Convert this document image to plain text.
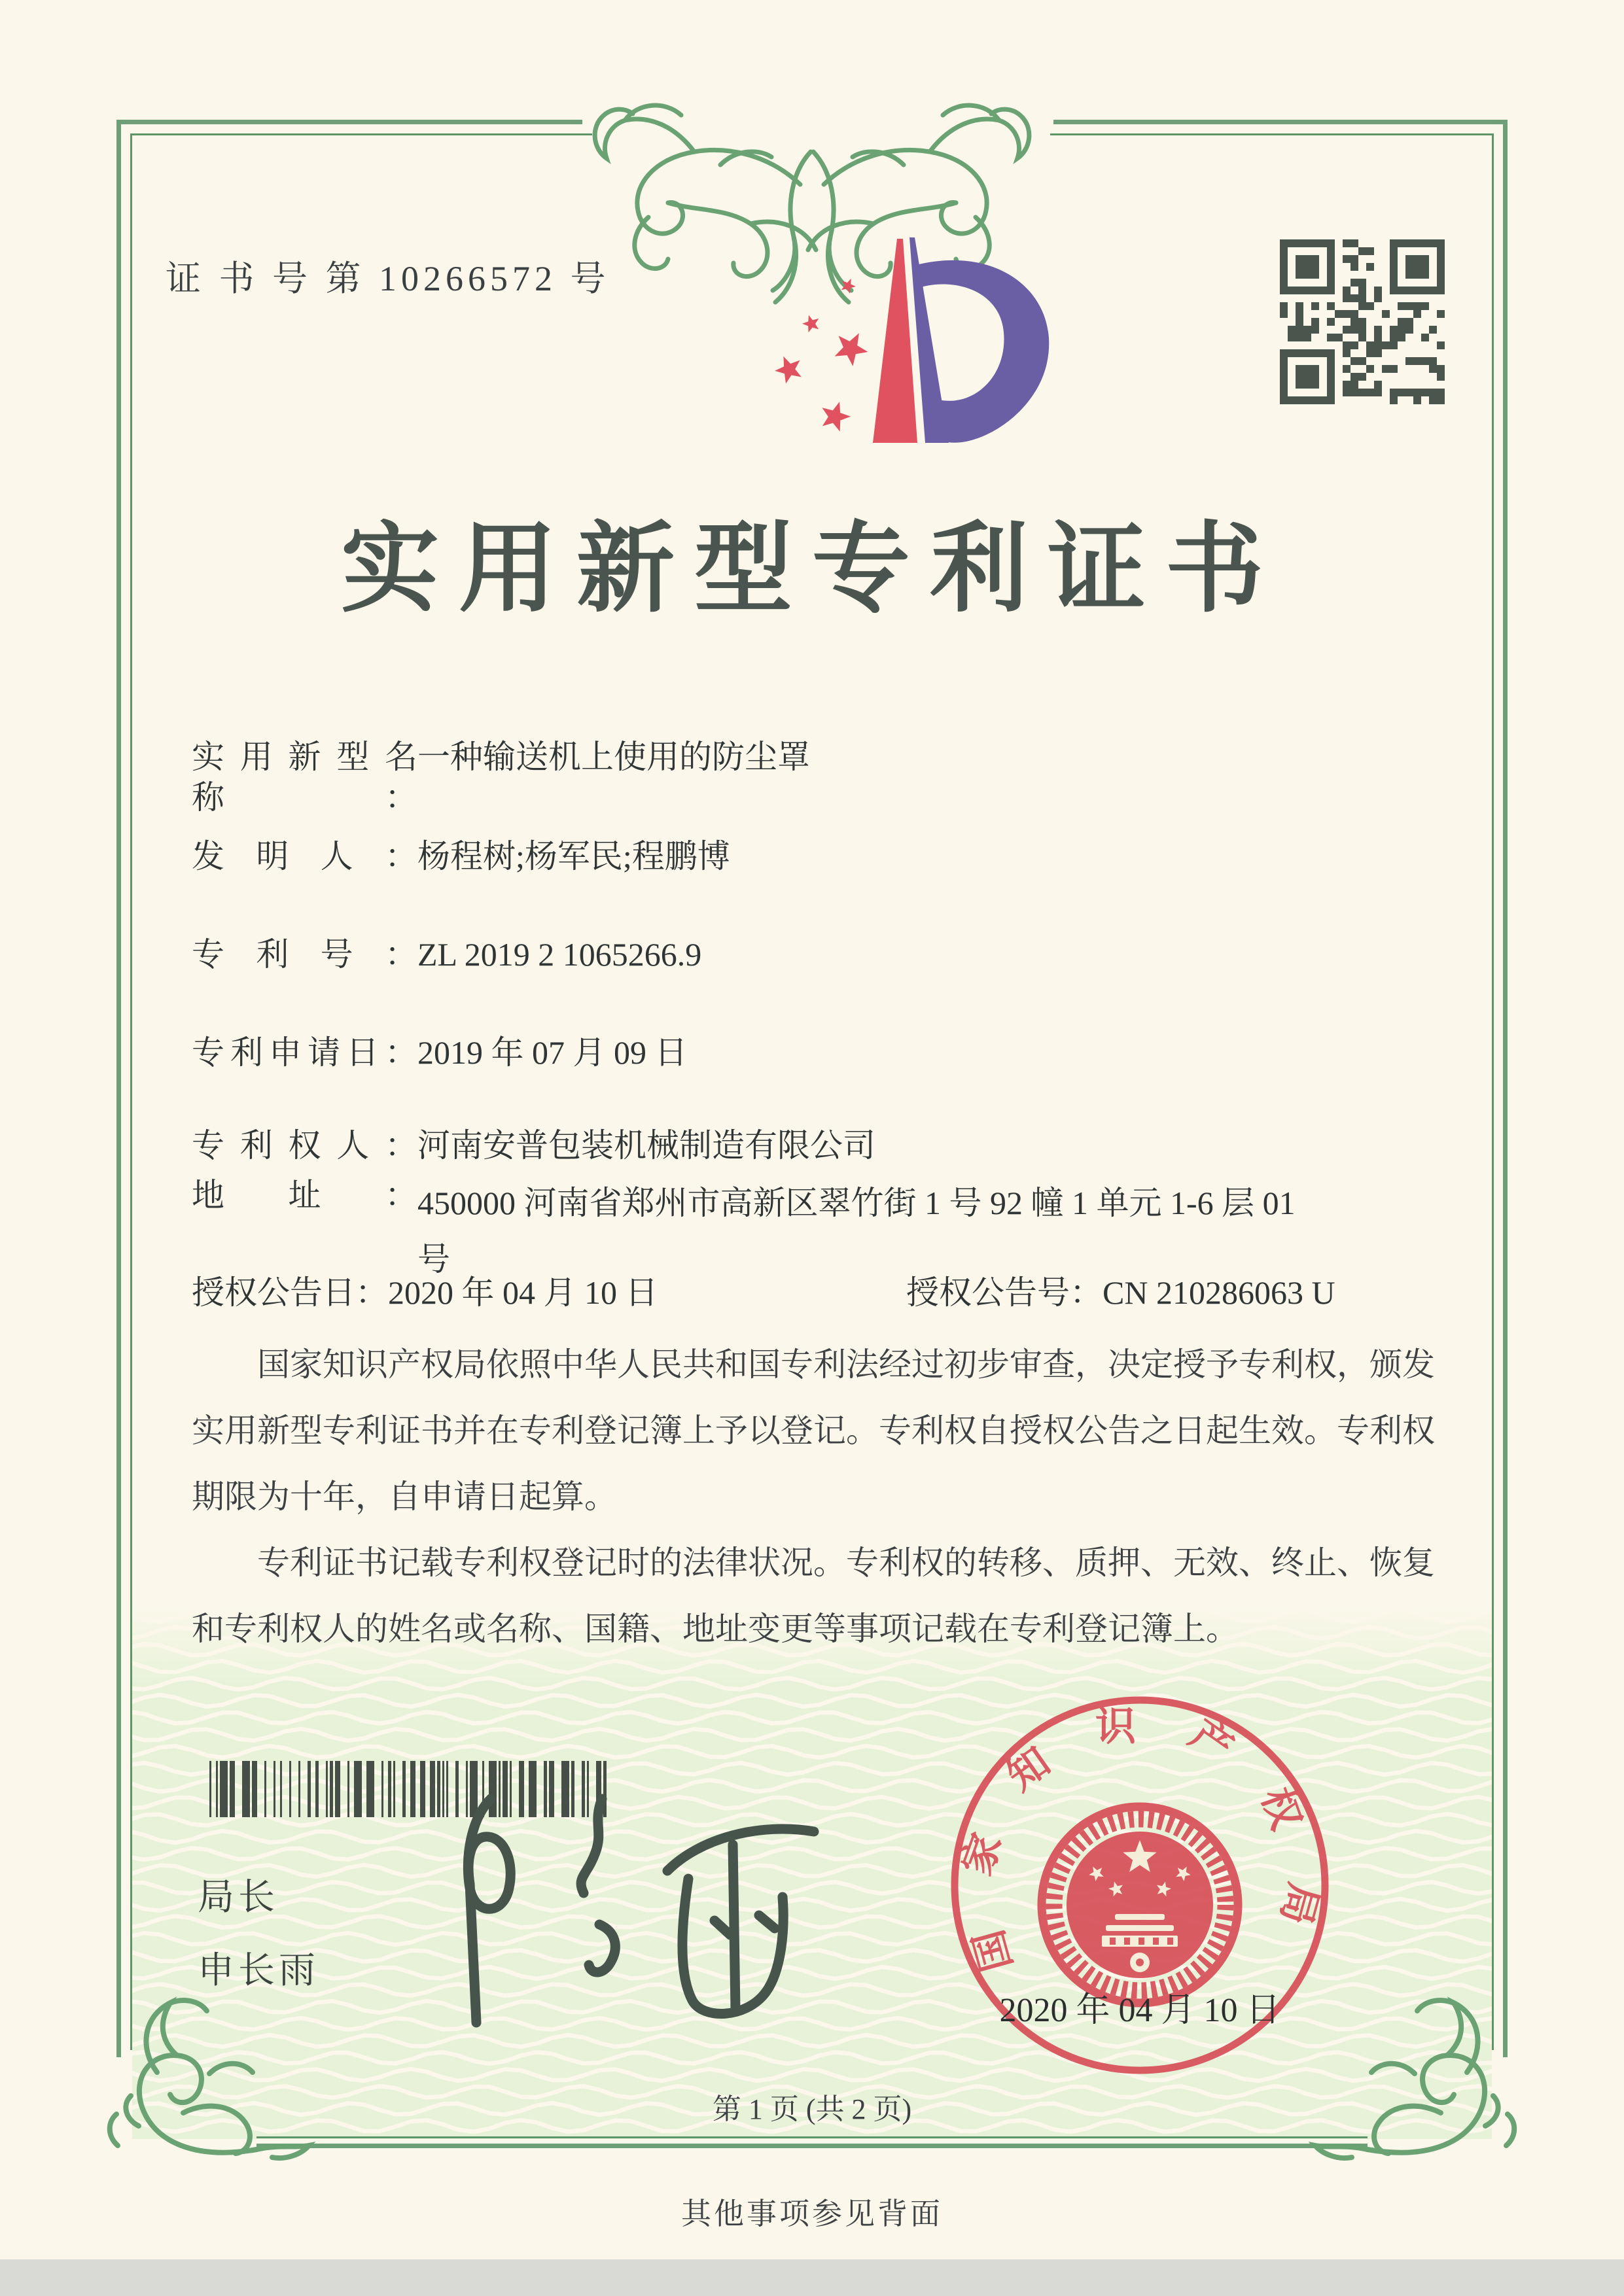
证 书 号 第 10266572 号
实用新型专利证书
实用新型名称：
一种输送机上使用的防尘罩
发明人： 杨程树;杨军民;程鹏博
专利号： ZL 2019 2 1065266.9
专利申请日： 2019 年 07 月 09 日
专利权人： 河南安普包装机械制造有限公司
地址： 450000 河南省郑州市高新区翠竹街 1 号 92 幢 1 单元 1-6 层 01
号
授权公告日： 2020 年 04 月 10 日	授权公告号： CN 210286063 U

国家知识产权局依照中华人民共和国专利法经过初步审查，决定授予专利权，颁发实用新型专利证书并在专利登记簿上予以登记。专利权自授权公告之日起生效。专利权期限为十年，自申请日起算。

专利证书记载专利权登记时的法律状况。专利权的转移、质押、无效、终止、恢复和专利权人的姓名或名称、国籍、地址变更等事项记载在专利登记簿上。

局长
申长雨	国家知识产权局
2020 年 04 月 10 日
第 1 页 (共 2 页)
其他事项参见背面
